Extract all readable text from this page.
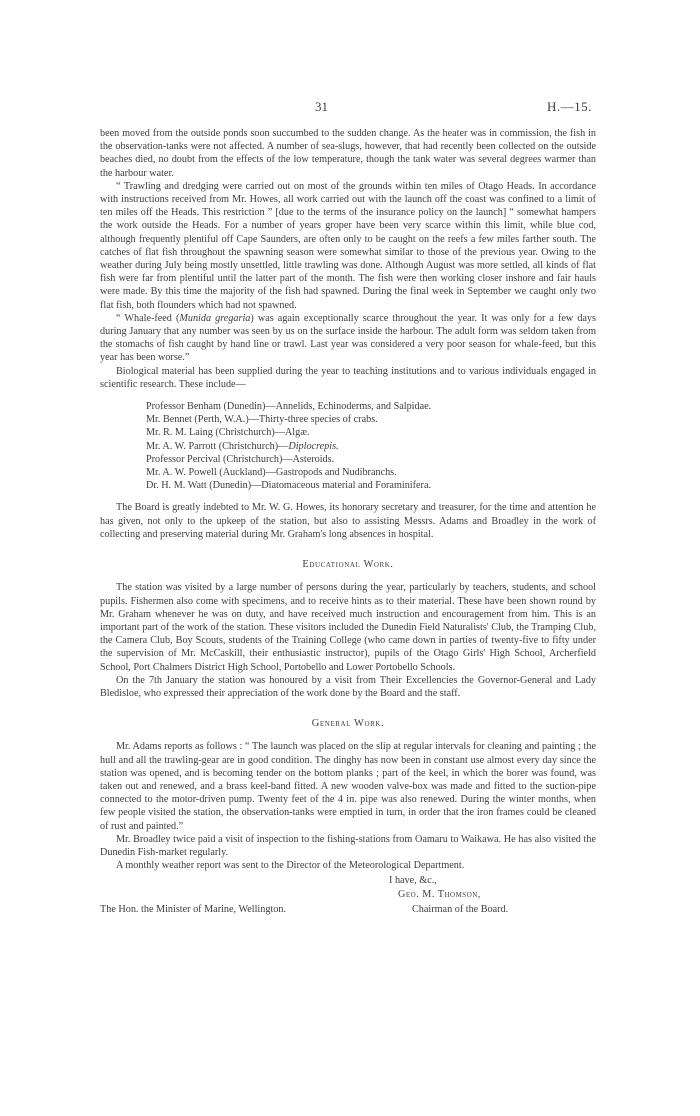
31	H.—15.

been moved from the outside ponds soon succumbed to the sudden change. As the heater was in commission, the fish in the observation-tanks were not affected. A number of sea-slugs, however, that had recently been collected on the outside beaches died, no doubt from the effects of the low temperature, though the tank water was several degrees warmer than the harbour water.

“ Trawling and dredging were carried out on most of the grounds within ten miles of Otago Heads. In accordance with instructions received from Mr. Howes, all work carried out with the launch off the coast was confined to a limit of ten miles off the Heads. This restriction ” [due to the terms of the insurance policy on the launch] “ somewhat hampers the work outside the Heads. For a number of years groper have been very scarce within this limit, while blue cod, although frequently plentiful off Cape Saunders, are often only to be caught on the reefs a few miles farther south. The catches of flat fish throughout the spawning season were somewhat similar to those of the previous year. Owing to the weather during July being mostly unsettled, little trawling was done. Although August was more settled, all kinds of flat fish were far from plentiful until the latter part of the month. The fish were then working closer inshore and fair hauls were made. By this time the majority of the fish had spawned. During the final week in September we caught only two flat fish, both flounders which had not spawned.

“ Whale-feed (Munida gregaria) was again exceptionally scarce throughout the year. It was only for a few days during January that any number was seen by us on the surface inside the harbour. The adult form was seldom taken from the stomachs of fish caught by hand line or trawl. Last year was considered a very poor season for whale-feed, but this year has been worse.”

Biological material has been supplied during the year to teaching institutions and to various individuals engaged in scientific research. These include—

Professor Benham (Dunedin)—Annelids, Echinoderms, and Salpidae.
Mr. Bennet (Perth, W.A.)—Thirty-three species of crabs.
Mr. R. M. Laing (Christchurch)—Algæ.
Mr. A. W. Parrott (Christchurch)—Diplocrepis.
Professor Percival (Christchurch)—Asteroids.
Mr. A. W. Powell (Auckland)—Gastropods and Nudibranchs.
Dr. H. M. Watt (Dunedin)—Diatomaceous material and Foraminifera.

The Board is greatly indebted to Mr. W. G. Howes, its honorary secretary and treasurer, for the time and attention he has given, not only to the upkeep of the station, but also to assisting Messrs. Adams and Broadley in the work of collecting and preserving material during Mr. Graham's long absences in hospital.

Educational Work.

The station was visited by a large number of persons during the year, particularly by teachers, students, and school pupils. Fishermen also come with specimens, and to receive hints as to their material. These have been shown round by Mr. Graham whenever he was on duty, and have received much instruction and encouragement from him. This is an important part of the work of the station. These visitors included the Dunedin Field Naturalists' Club, the Tramping Club, the Camera Club, Boy Scouts, students of the Training College (who came down in parties of twenty-five to fifty under the supervision of Mr. McCaskill, their enthusiastic instructor), pupils of the Otago Girls' High School, Archerfield School, Port Chalmers District High School, Portobello and Lower Portobello Schools.

On the 7th January the station was honoured by a visit from Their Excellencies the Governor-General and Lady Bledisloe, who expressed their appreciation of the work done by the Board and the staff.

General Work.

Mr. Adams reports as follows : “ The launch was placed on the slip at regular intervals for cleaning and painting ; the hull and all the trawling-gear are in good condition. The dinghy has now been in constant use almost every day since the station was opened, and is becoming tender on the bottom planks ; part of the keel, in which the borer was found, was taken out and renewed, and a brass keel-band fitted. A new wooden valve-box was made and fitted to the suction-pipe connected to the motor-driven pump. Twenty feet of the 4 in. pipe was also renewed. During the winter months, when few people visited the station, the observation-tanks were emptied in turn, in order that the iron frames could be cleaned of rust and painted.”

Mr. Broadley twice paid a visit of inspection to the fishing-stations from Oamaru to Waikawa. He has also visited the Dunedin Fish-market regularly.

A monthly weather report was sent to the Director of the Meteorological Department.

I have, &c.,
Geo. M. Thomson,
The Hon. the Minister of Marine, Wellington.	Chairman of the Board.
